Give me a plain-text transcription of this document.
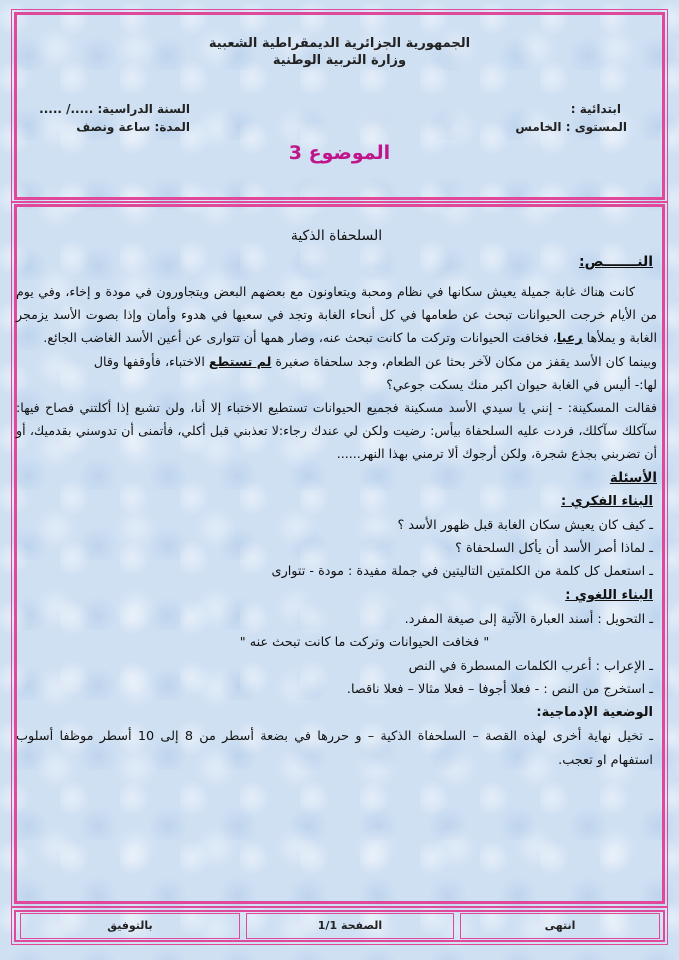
الجمهورية الجزائرية الديمقراطية الشعبية
وزارة التربية الوطنية
ابتدائية :
المستوى : الخامس
السنة الدراسية: ...../ .....
المدة: ساعة ونصف
الموضوع 3
السلحفاة الذكية
النـــــــص:

كانت هناك غابة جميلة يعيش سكانها في نظام ومحبة ويتعاونون مع بعضهم البعض ويتجاورون في مودة و إخاء، وفي يوم من الأيام خرجت الحيوانات تبحث عن طعامها في كل أنحاء الغابة وتجد في سعيها في هدوء وأمان وإذا بصوت الأسد يزمجر الغابة و يملأها رعبا، فخافت الحيوانات وتركت ما كانت تبحث عنه، وصار همها أن تتوارى عن أعين الأسد الغاضب الجائع.

وبينما كان الأسد يقفز من مكان لآخر بحثا عن الطعام، وجد سلحفاة صغيرة لم تستطع الاختباء، فأوقفها وقال

لها:- أليس في الغابة حيوان اكبر منك يسكت جوعي؟

فقالت المسكينة: - إنني يا سيدي الأسد مسكينة فجميع الحيوانات تستطيع الاختباء إلا أنا، ولن تشبع إذا أكلتني فصاح فيها: سآكلك سآكلك، فردت عليه السلحفاة بيأس: رضيت ولكن لي عندك رجاء:لا تعذبني قبل أكلي، فأتمنى أن تدوسني بقدميك، أو أن تضربني بجذع شجرة، ولكن أرجوك ألا ترمني بهذا النهر......

الأسئلة
البناء الفكري :
ـ كيف كان يعيش سكان الغابة قبل ظهور الأسد ؟
ـ لماذا أصر الأسد أن يأكل السلحفاة ؟
ـ استعمل كل كلمة من الكلمتين التاليتين في جملة مفيدة : مودة - تتوارى
البناء اللغوي :
ـ التحويل : أسند العبارة الآتية إلى صيغة المفرد.
" فخافت الحيوانات وتركت ما كانت تبحث عنه "
ـ الإعراب : أعرب الكلمات المسطرة في النص
ـ استخرج من النص : - فعلا أجوفا – فعلا مثالا – فعلا ناقصا.
الوضعية الإدماجية:
ـ تخيل نهاية أخرى لهذه القصة – السلحفاة الذكية – و حررها في بضعة أسطر من 8 إلى 10 أسطر موظفا أسلوب استفهام او تعجب.
انتهى
الصفحة 1/1
بالتوفيق
